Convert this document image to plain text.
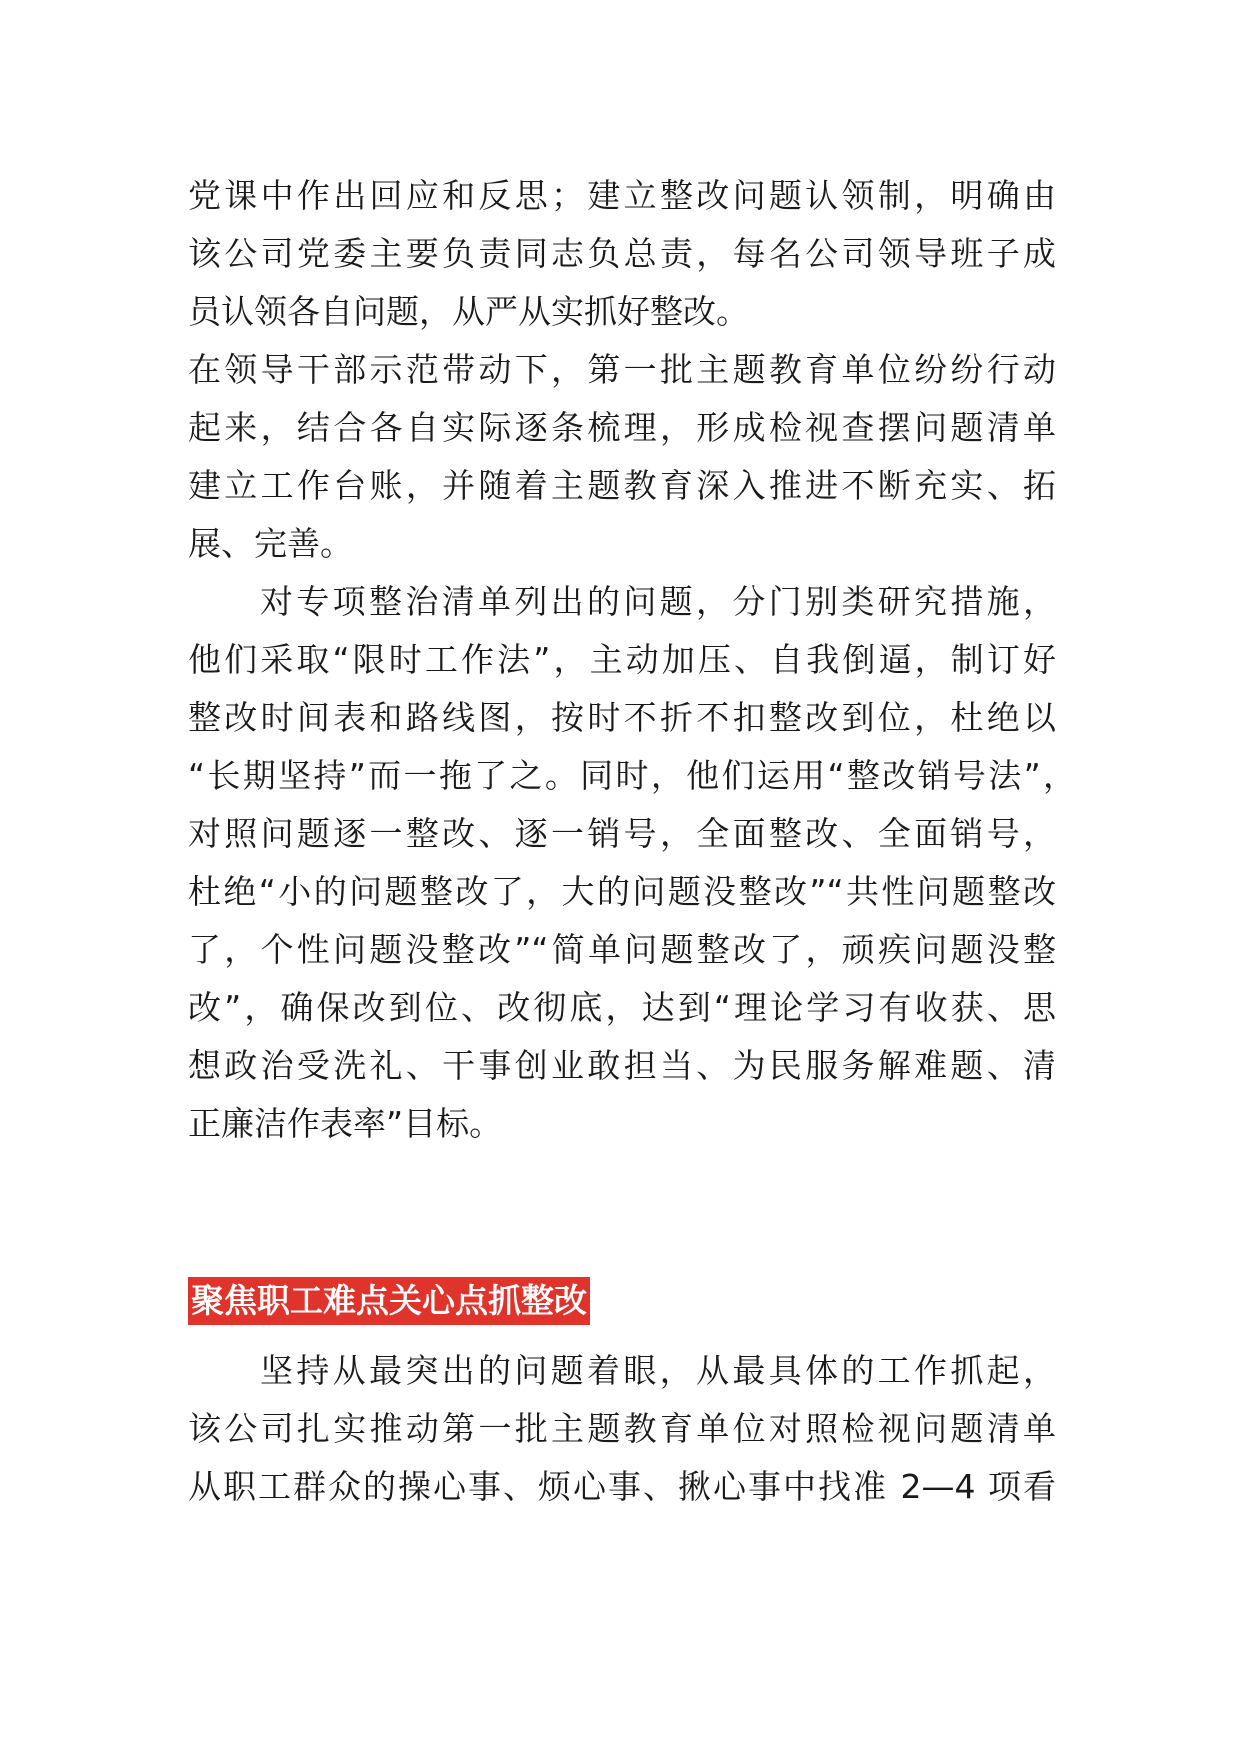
党课中作出回应和反思；建立整改问题认领制，明确由

该公司党委主要负责同志负总责，每名公司领导班子成

员认领各自问题，从严从实抓好整改。

在领导干部示范带动下，第一批主题教育单位纷纷行动

起来，结合各自实际逐条梳理，形成检视查摆问题清单

建立工作台账，并随着主题教育深入推进不断充实、拓

展、完善。

对专项整治清单列出的问题，分门别类研究措施，

他们采取“限时工作法”，主动加压、自我倒逼，制订好

整改时间表和路线图，按时不折不扣整改到位，杜绝以

“长期坚持”而一拖了之。同时，他们运用“整改销号法”，

对照问题逐一整改、逐一销号，全面整改、全面销号，

杜绝“小的问题整改了，大的问题没整改”“共性问题整改

了，个性问题没整改”“简单问题整改了，顽疾问题没整

改”，确保改到位、改彻底，达到“理论学习有收获、思

想政治受洗礼、干事创业敢担当、为民服务解难题、清

正廉洁作表率”目标。

聚焦职工难点关心点抓整改

坚持从最突出的问题着眼，从最具体的工作抓起，

该公司扎实推动第一批主题教育单位对照检视问题清单

从职工群众的操心事、烦心事、揪心事中找准 2—4 项看
